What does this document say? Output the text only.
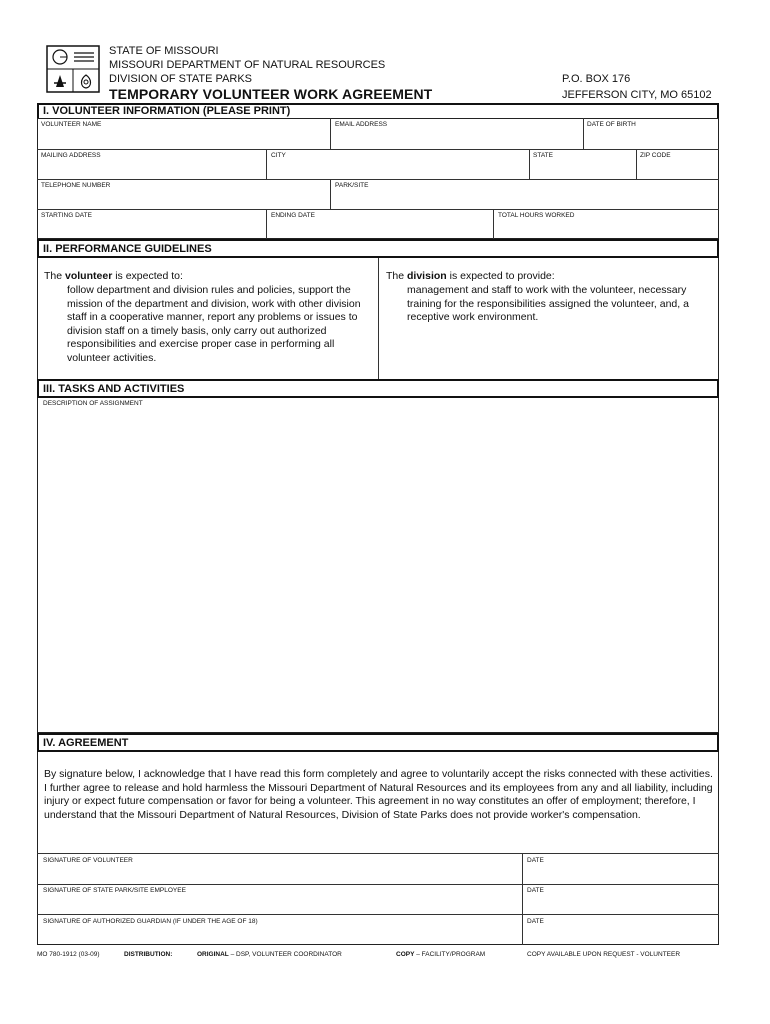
STATE OF MISSOURI
MISSOURI DEPARTMENT OF NATURAL RESOURCES
DIVISION OF STATE PARKS
TEMPORARY VOLUNTEER WORK AGREEMENT
P.O. BOX 176
JEFFERSON CITY, MO 65102
I. VOLUNTEER INFORMATION (PLEASE PRINT)
VOLUNTEER NAME	EMAIL ADDRESS	DATE OF BIRTH
MAILING ADDRESS	CITY	STATE	ZIP CODE
TELEPHONE NUMBER	PARK/SITE
STARTING DATE	ENDING DATE	TOTAL HOURS WORKED
II. PERFORMANCE GUIDELINES
The volunteer is expected to:
follow department and division rules and policies, support the mission of the department and division, work with other division staff in a cooperative manner, report any problems or issues to division staff on a timely basis, only carry out authorized responsibilities and exercise proper case in performing all volunteer activities.
The division is expected to provide:
management and staff to work with the volunteer, necessary training for the responsibilities assigned the volunteer, and, a receptive work environment.
III. TASKS AND ACTIVITIES
DESCRIPTION OF ASSIGNMENT
IV. AGREEMENT
By signature below, I acknowledge that I have read this form completely and agree to voluntarily accept the risks connected with these activities. I further agree to release and hold harmless the Missouri Department of Natural Resources and its employees from any and all liability, including injury or expect future compensation or favor for being a volunteer. This agreement in no way constitutes an offer of employment; therefore, I understand that the Missouri Department of Natural Resources, Division of State Parks does not provide worker's compensation.
SIGNATURE OF VOLUNTEER	DATE
SIGNATURE OF STATE PARK/SITE EMPLOYEE	DATE
SIGNATURE OF AUTHORIZED GUARDIAN (IF UNDER THE AGE OF 18)	DATE
MO 780-1912 (03-09)	DISTRIBUTION:	ORIGINAL – DSP, VOLUNTEER COORDINATOR	COPY – FACILITY/PROGRAM	COPY AVAILABLE UPON REQUEST - VOLUNTEER
